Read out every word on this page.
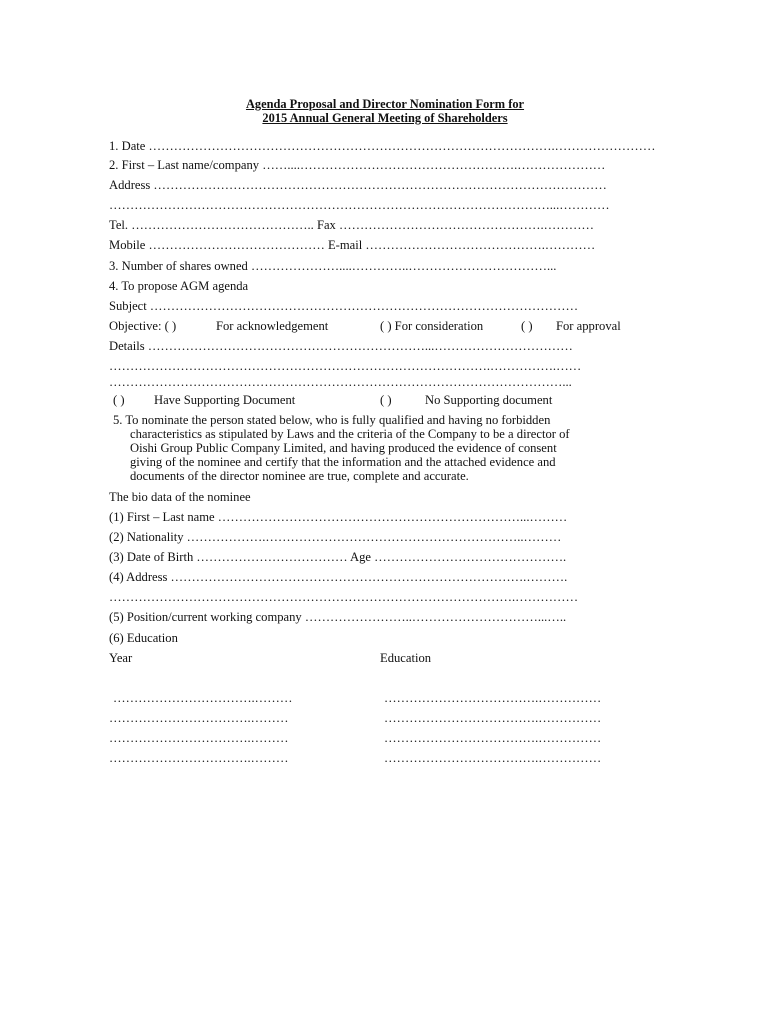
Agenda Proposal and Director Nomination Form for
2015 Annual General Meeting of Shareholders
1. Date …………………………………………………………………………………….……………………
2. First – Last name/company ……....…………………………………………….…………………
Address ………………………………………………………………………………………………
……………………………………………………………………………………………...…………
Tel. …………………………………….. Fax ………………………………………….…………
Mobile …………………………………… E-mail …………………………………….…………
3. Number of shares owned …………………....…………..……………………………...
4. To propose AGM agenda
Subject …………………………………………………………………………………………
Objective: ( )	For acknowledgement	( ) For consideration	( ) For approval
Details …………………………………………………………...……………………………
……………………………………………………………………………….…………….……
………………………………………………………………………………………………...
( ) Have Supporting Document	( )	No Supporting document
5. To nominate the person stated below, who is fully qualified and having no forbidden
characteristics as stipulated by Laws and the criteria of the Company to be a director of
Oishi Group Public Company Limited, and having produced the evidence of consent
giving of the nominee and certify that the information and the attached evidence and
documents of the director nominee are true, complete and accurate.
The bio data of the nominee
(1) First – Last name ………………………………………………………………...………
(2) Nationality ……………….……………………………………………………..………
(3) Date of Birth ……………………………… Age ……………………………………….
(4) Address ………………………………………………………………………….……….
…………………………………………………………………………………….……………
(5) Position/current working company ……………………..…………………………...…..
(6) Education
Year	Education
…………………………….………	……………………………….……………
…………………………….………	……………………………….……………
…………………………….………	……………………………….……………
…………………………….………	……………………………….……………
